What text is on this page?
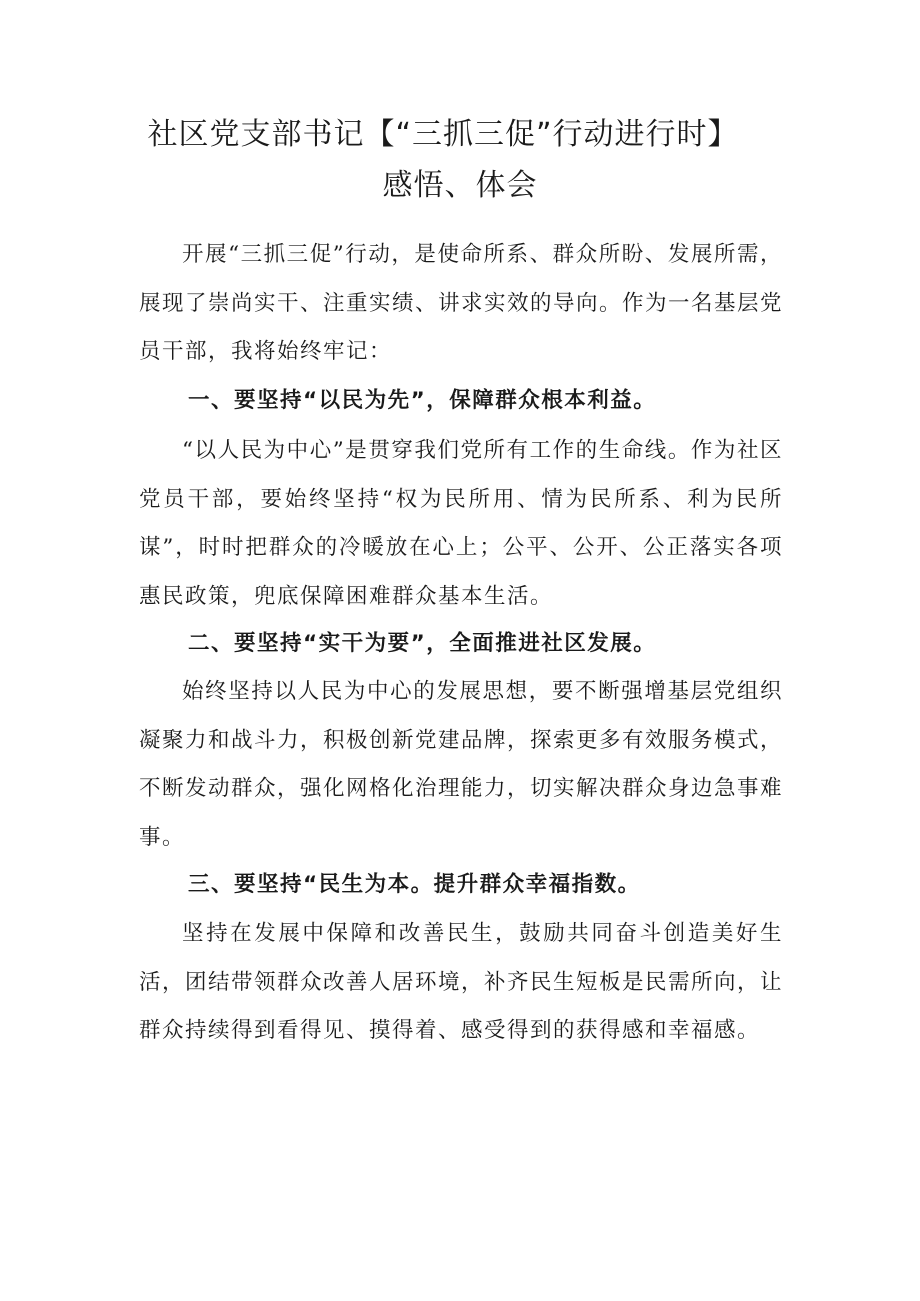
社区党支部书记【“三抓三促”行动进行时】
感悟、体会

开展“三抓三促”行动，是使命所系、群众所盼、发展所需，展现了崇尚实干、注重实绩、讲求实效的导向。作为一名基层党员干部，我将始终牢记：

一、要坚持“以民为先”，保障群众根本利益。

“以人民为中心”是贯穿我们党所有工作的生命线。作为社区党员干部，要始终坚持“权为民所用、情为民所系、利为民所谋”，时时把群众的冷暖放在心上；公平、公开、公正落实各项惠民政策，兜底保障困难群众基本生活。

二、要坚持“实干为要”，全面推进社区发展。

始终坚持以人民为中心的发展思想，要不断强增基层党组织凝聚力和战斗力，积极创新党建品牌，探索更多有效服务模式，不断发动群众，强化网格化治理能力，切实解决群众身边急事难事。

三、要坚持“民生为本。提升群众幸福指数。

坚持在发展中保障和改善民生，鼓励共同奋斗创造美好生活，团结带领群众改善人居环境，补齐民生短板是民需所向，让群众持续得到看得见、摸得着、感受得到的获得感和幸福感。
